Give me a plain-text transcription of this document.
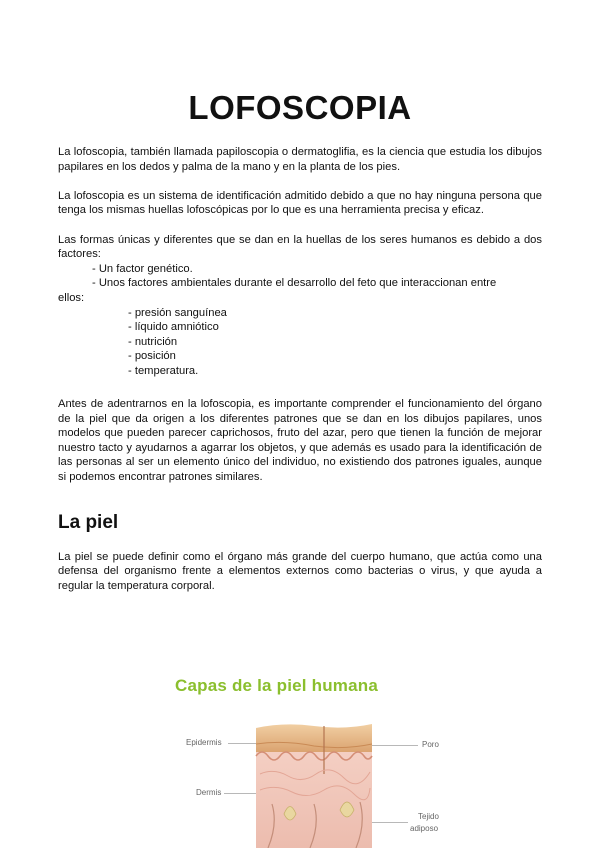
LOFOSCOPIA

La lofoscopia, también llamada papiloscopia o dermatoglifia, es la ciencia que estudia los dibujos papilares en los dedos y palma de la mano y en la planta de los pies.

La lofoscopia es un sistema de identificación admitido debido a que no hay ninguna persona que tenga los mismas huellas lofoscópicas por lo que es una herramienta precisa y eficaz.

Las formas únicas y diferentes que se dan en la huellas de los seres humanos es debido a dos factores:

- Un factor genético.
- Unos factores ambientales durante el desarrollo del feto que interaccionan entre
ellos:
- presión sanguínea
- líquido amniótico
- nutrición
- posición
- temperatura.

Antes de adentrarnos en la lofoscopia, es importante comprender el funcionamiento del órgano de la piel que da origen a los diferentes patrones que se dan en los dibujos papilares, unos modelos que pueden parecer caprichosos, fruto del azar, pero que tienen la función de mejorar nuestro tacto y ayudarnos a agarrar los objetos, y que además es usado para la identificación de las personas al ser un elemento único del individuo, no existiendo dos patrones iguales, aunque si podemos encontrar patrones similares.

La piel

La piel se puede definir como el órgano más grande del cuerpo humano, que actúa como una defensa del organismo frente a elementos externos como bacterias o virus, y que ayuda a regular la temperatura corporal.

Capas de la piel humana
Epidermis
Dermis
Poro
Tejido
adiposo
